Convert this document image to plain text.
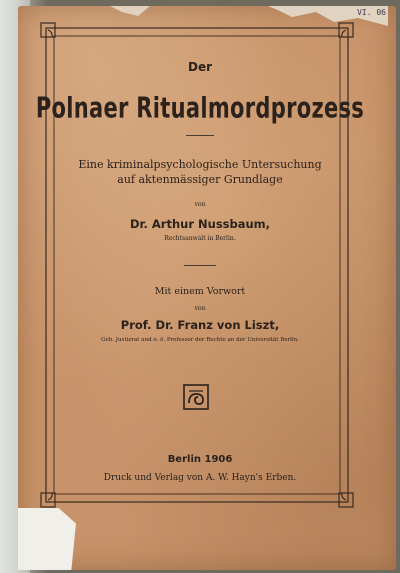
VI. 06

Der

Polnaer Ritualmordprozess

Eine kriminalpsychologische Untersuchung

auf aktenmässiger Grundlage

von

Dr. Arthur Nussbaum,

Rechtsanwalt in Berlin.

Mit einem Vorwort

von

Prof. Dr. Franz von Liszt,

Geh. Justizrat und o. ö. Professor der Rechte an der Universität Berlin.

Berlin 1906

Druck und Verlag von A. W. Hayn's Erben.
